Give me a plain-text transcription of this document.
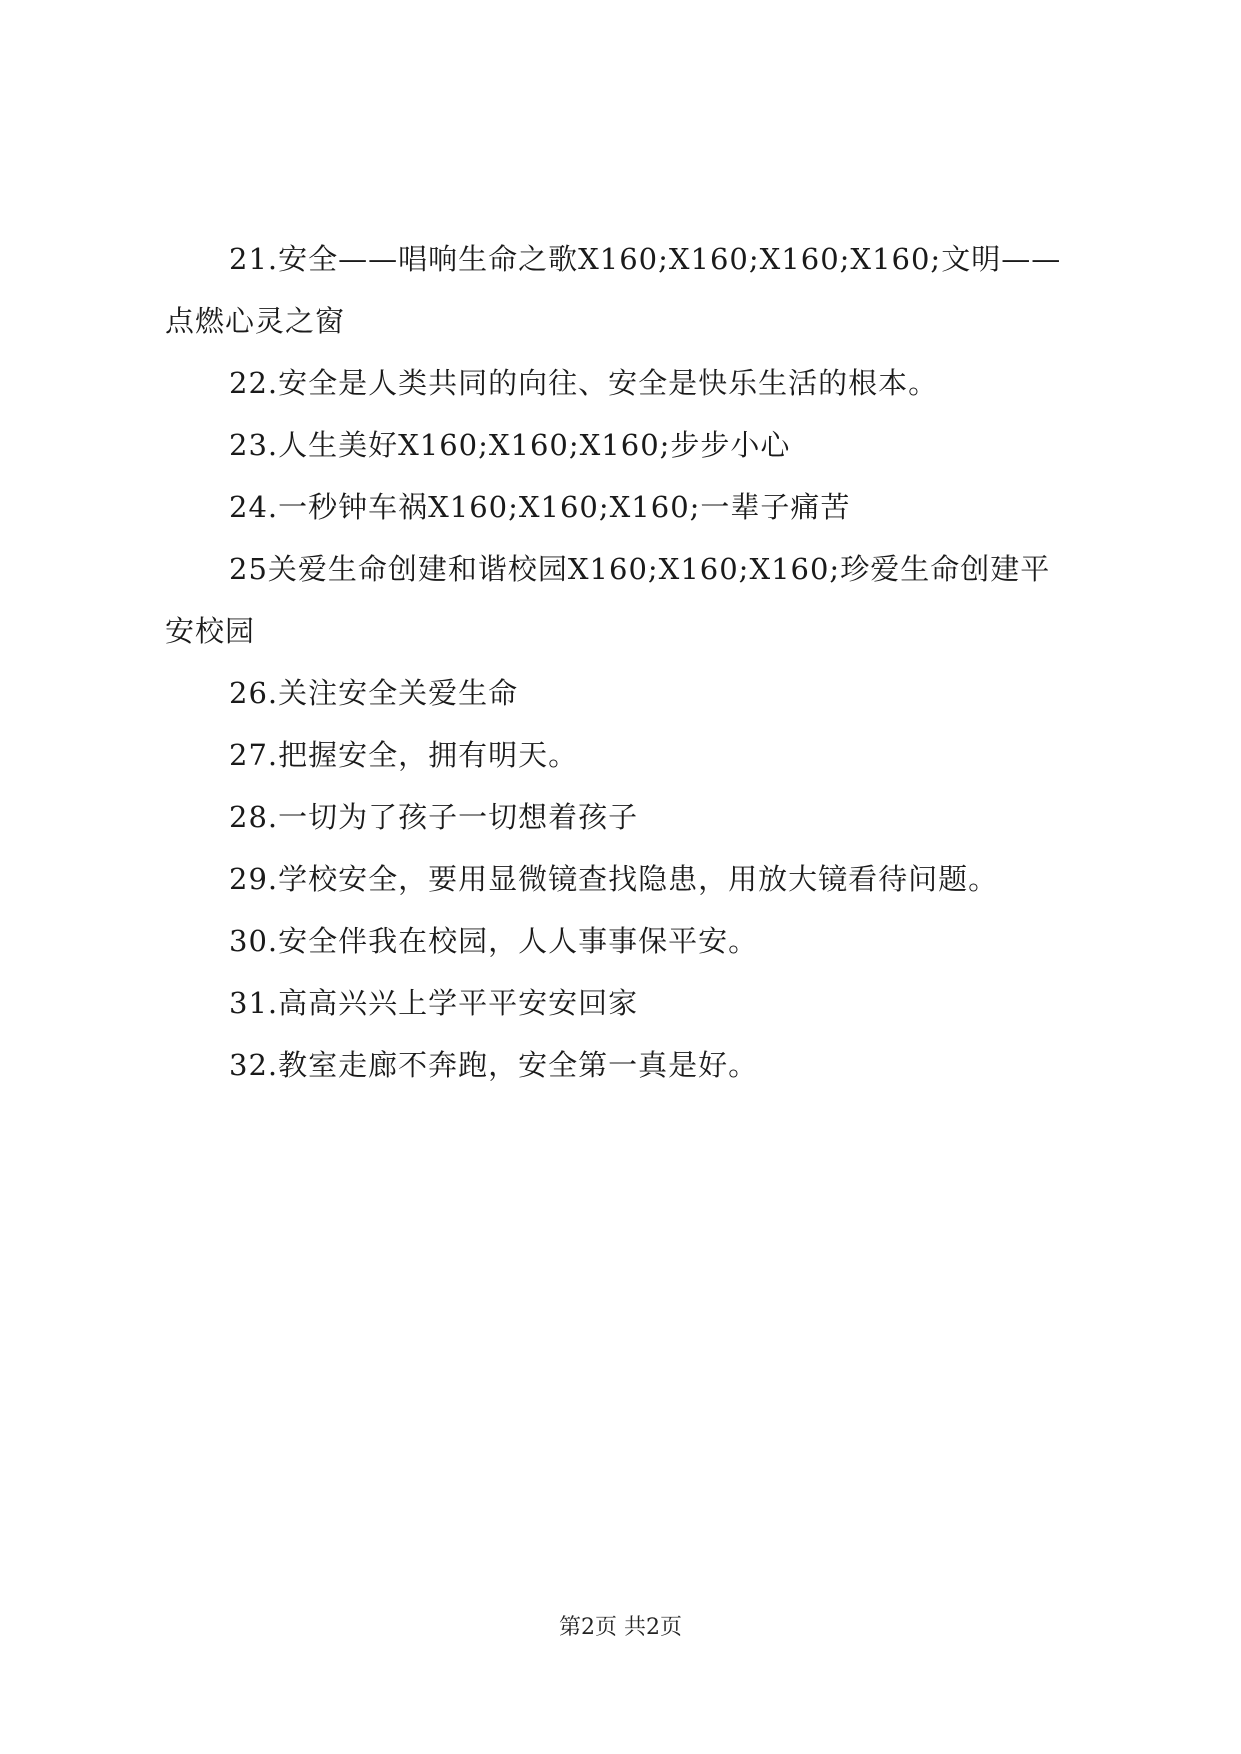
21.安全——唱响生命之歌X160;X160;X160;X160;文明——点燃心灵之窗

22.安全是人类共同的向往、安全是快乐生活的根本。

23.人生美好X160;X160;X160;步步小心

24.一秒钟车祸X160;X160;X160;一辈子痛苦

25关爱生命创建和谐校园X160;X160;X160;珍爱生命创建平安校园

26.关注安全关爱生命

27.把握安全，拥有明天。

28.一切为了孩子一切想着孩子

29.学校安全，要用显微镜查找隐患，用放大镜看待问题。

30.安全伴我在校园，人人事事保平安。

31.高高兴兴上学平平安安回家

32.教室走廊不奔跑，安全第一真是好。

第2页 共2页
